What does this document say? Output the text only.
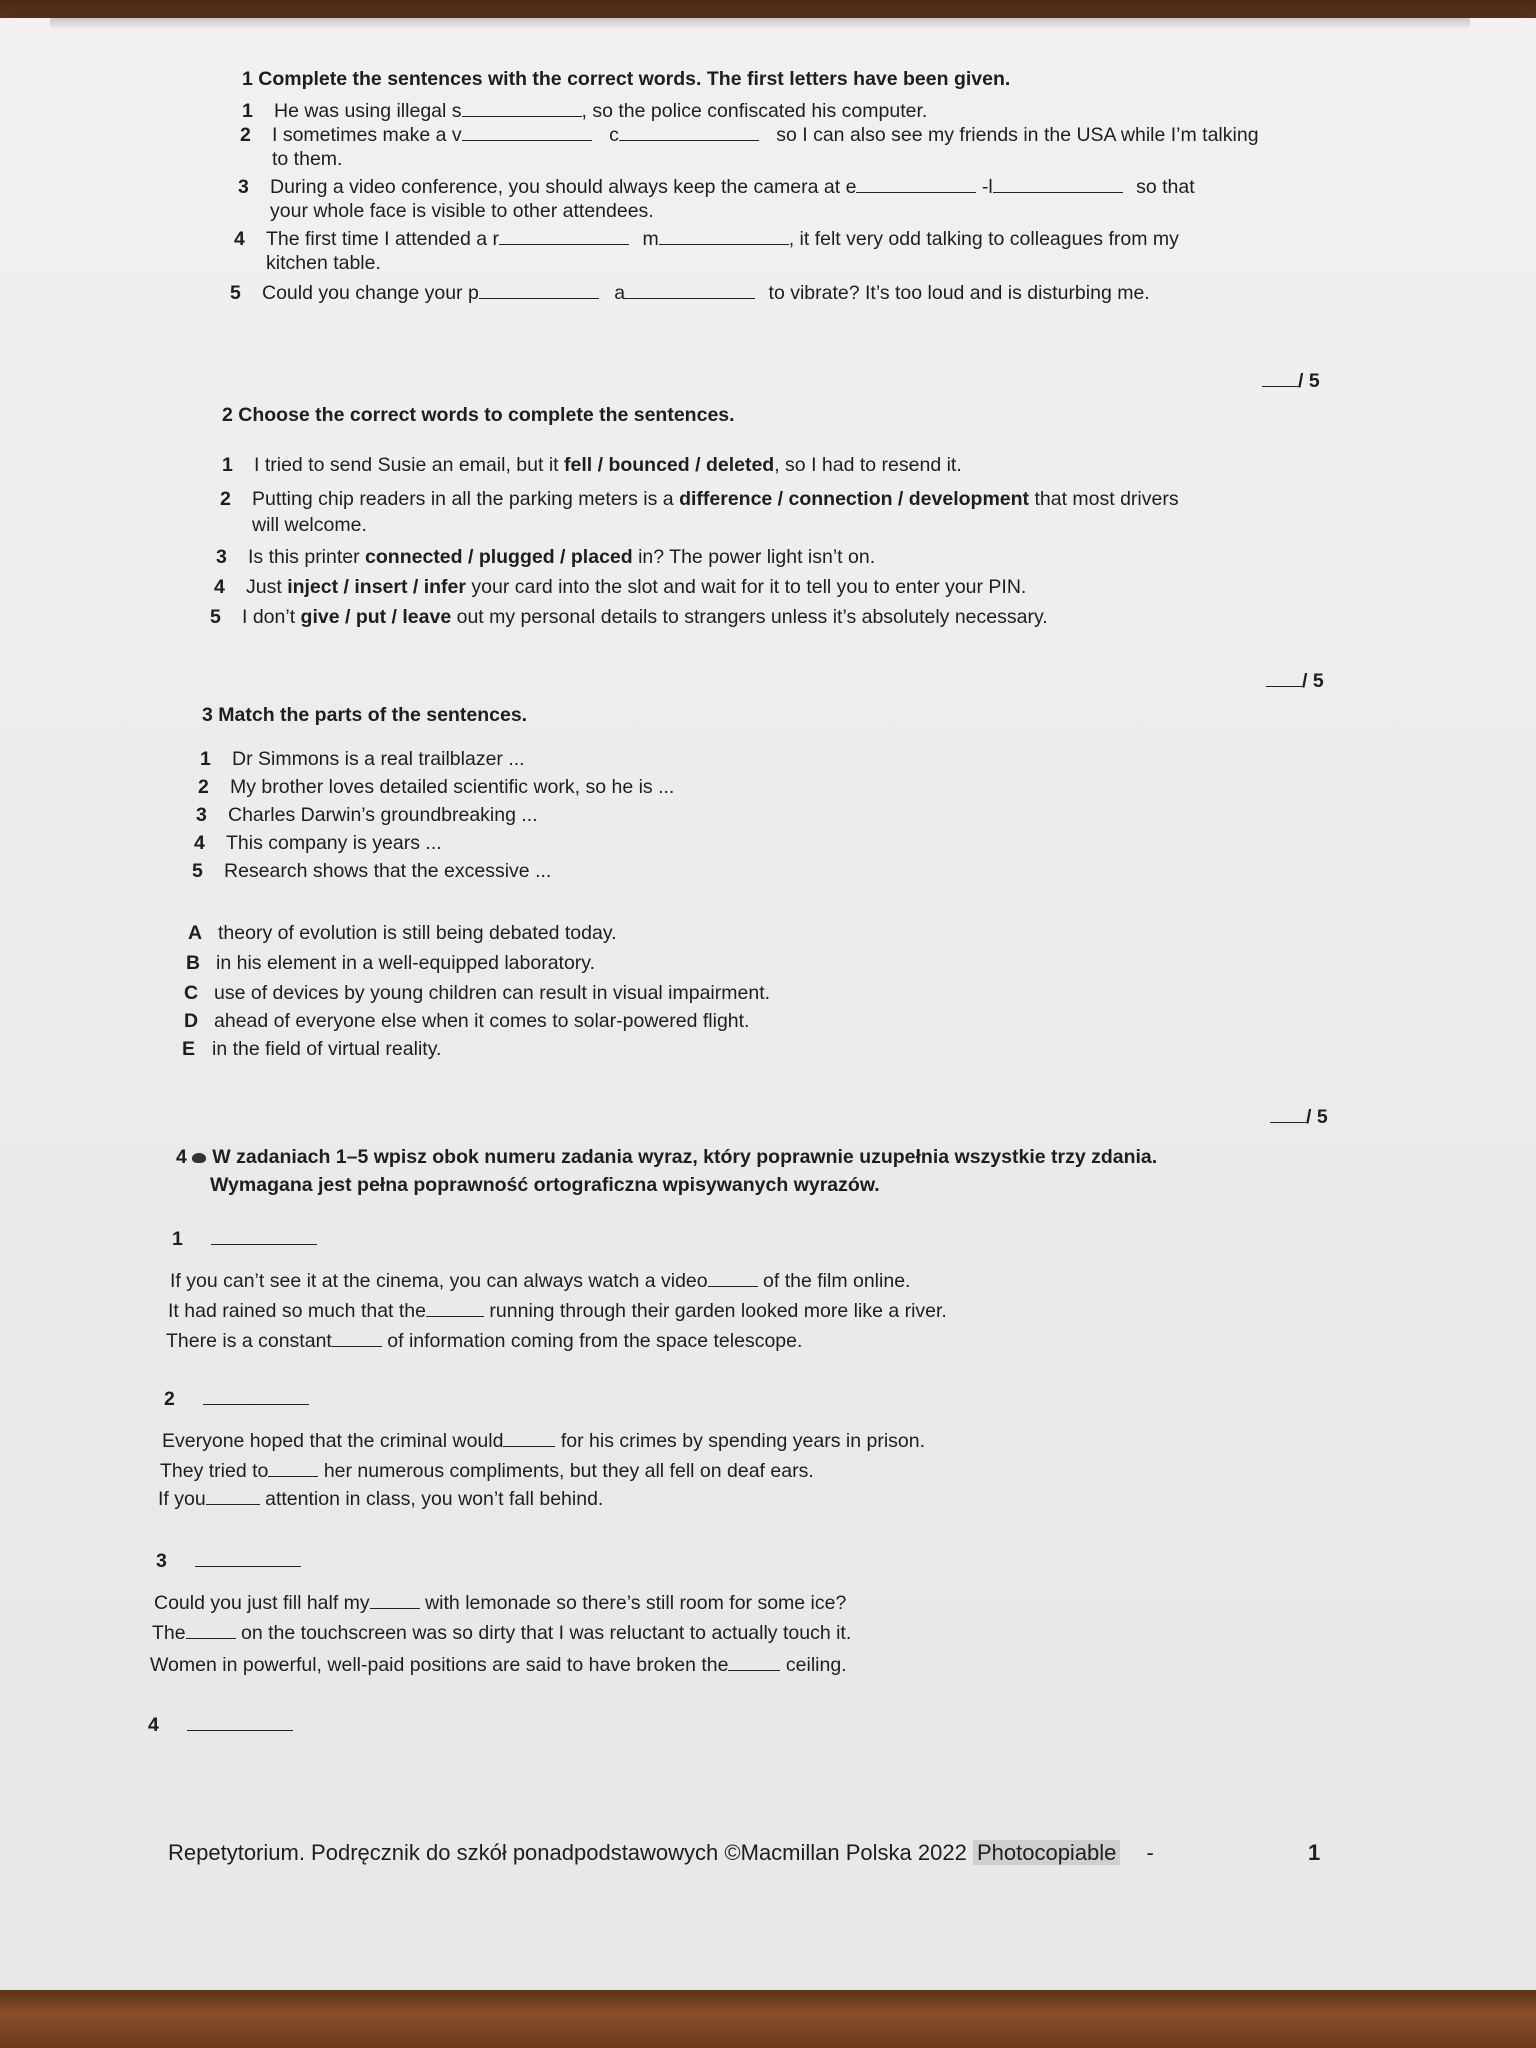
1 Complete the sentences with the correct words. The first letters have been given.
1 He was using illegal s	, so the police confiscated his computer.
2 I sometimes make a v	c	so I can also see my friends in the USA while I’m talking
to them.
3 During a video conference, you should always keep the camera at e	-l	so that
your whole face is visible to other attendees.
4 The first time I attended a r	m	, it felt very odd talking to colleagues from my
kitchen table.
5 Could you change your p	a	to vibrate? It’s too loud and is disturbing me.
/ 5
2 Choose the correct words to complete the sentences.
1 I tried to send Susie an email, but it fell / bounced / deleted, so I had to resend it.
2 Putting chip readers in all the parking meters is a difference / connection / development that most drivers
will welcome.
3 Is this printer connected / plugged / placed in? The power light isn’t on.
4 Just inject / insert / infer your card into the slot and wait for it to tell you to enter your PIN.
5 I don’t give / put / leave out my personal details to strangers unless it’s absolutely necessary.
/ 5
3 Match the parts of the sentences.
1 Dr Simmons is a real trailblazer ...
2 My brother loves detailed scientific work, so he is ...
3 Charles Darwin’s groundbreaking ...
4 This company is years ...
5 Research shows that the excessive ...
A theory of evolution is still being debated today.
B in his element in a well-equipped laboratory.
C use of devices by young children can result in visual impairment.
D ahead of everyone else when it comes to solar-powered flight.
E in the field of virtual reality.
/ 5
4 W zadaniach 1–5 wpisz obok numeru zadania wyraz, który poprawnie uzupełnia wszystkie trzy zdania.
Wymagana jest pełna poprawność ortograficzna wpisywanych wyrazów.
1
If you can’t see it at the cinema, you can always watch a video	of the film online.
It had rained so much that the	running through their garden looked more like a river.
There is a constant	of information coming from the space telescope.
2
Everyone hoped that the criminal would	for his crimes by spending years in prison.
They tried to	her numerous compliments, but they all fell on deaf ears.
If you	attention in class, you won’t fall behind.
3
Could you just fill half my	with lemonade so there’s still room for some ice?
The	on the touchscreen was so dirty that I was reluctant to actually touch it.
Women in powerful, well-paid positions are said to have broken the	ceiling.
4
Repetytorium. Podręcznik do szkół ponadpodstawowych ©Macmillan Polska 2022 Photocopiable -	1
